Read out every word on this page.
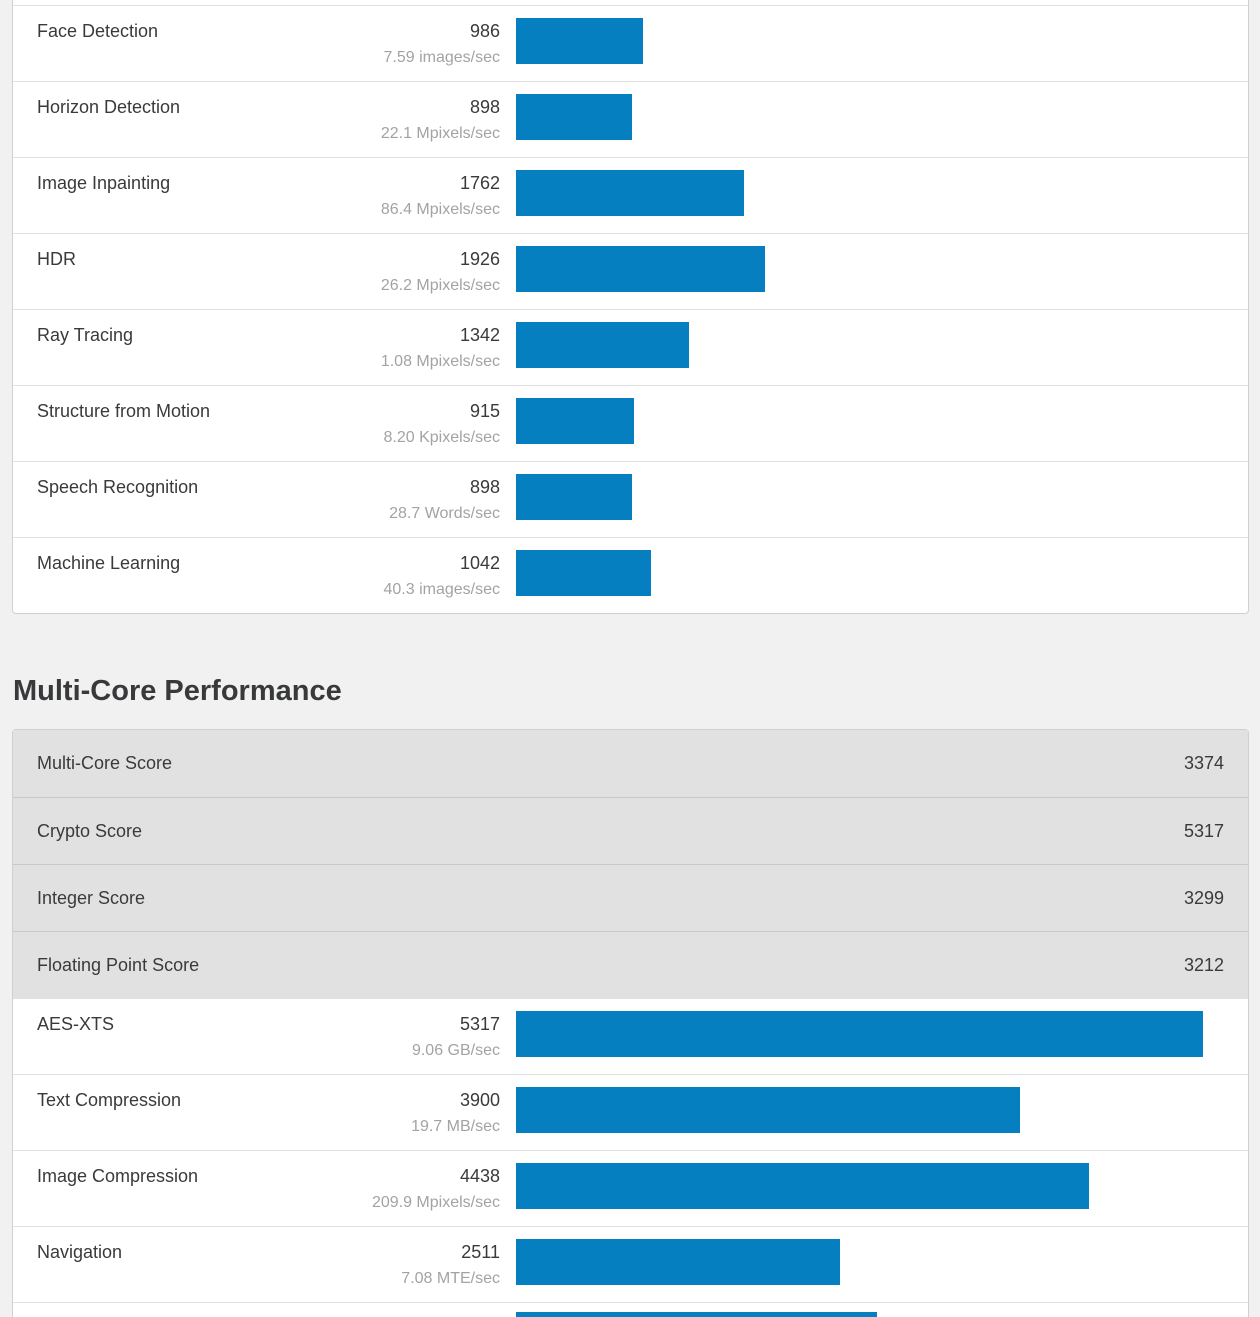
Face Detection	986
7.59 images/sec
Horizon Detection	898
22.1 Mpixels/sec
Image Inpainting	1762
86.4 Mpixels/sec
HDR	1926
26.2 Mpixels/sec
Ray Tracing	1342
1.08 Mpixels/sec
Structure from Motion	915
8.20 Kpixels/sec
Speech Recognition	898
28.7 Words/sec
Machine Learning	1042
40.3 images/sec
Multi-Core Performance
Multi-Core Score	3374
Crypto Score	5317
Integer Score	3299
Floating Point Score	3212
AES-XTS	5317
9.06 GB/sec
Text Compression	3900
19.7 MB/sec
Image Compression	4438
209.9 Mpixels/sec
Navigation	2511
7.08 MTE/sec
